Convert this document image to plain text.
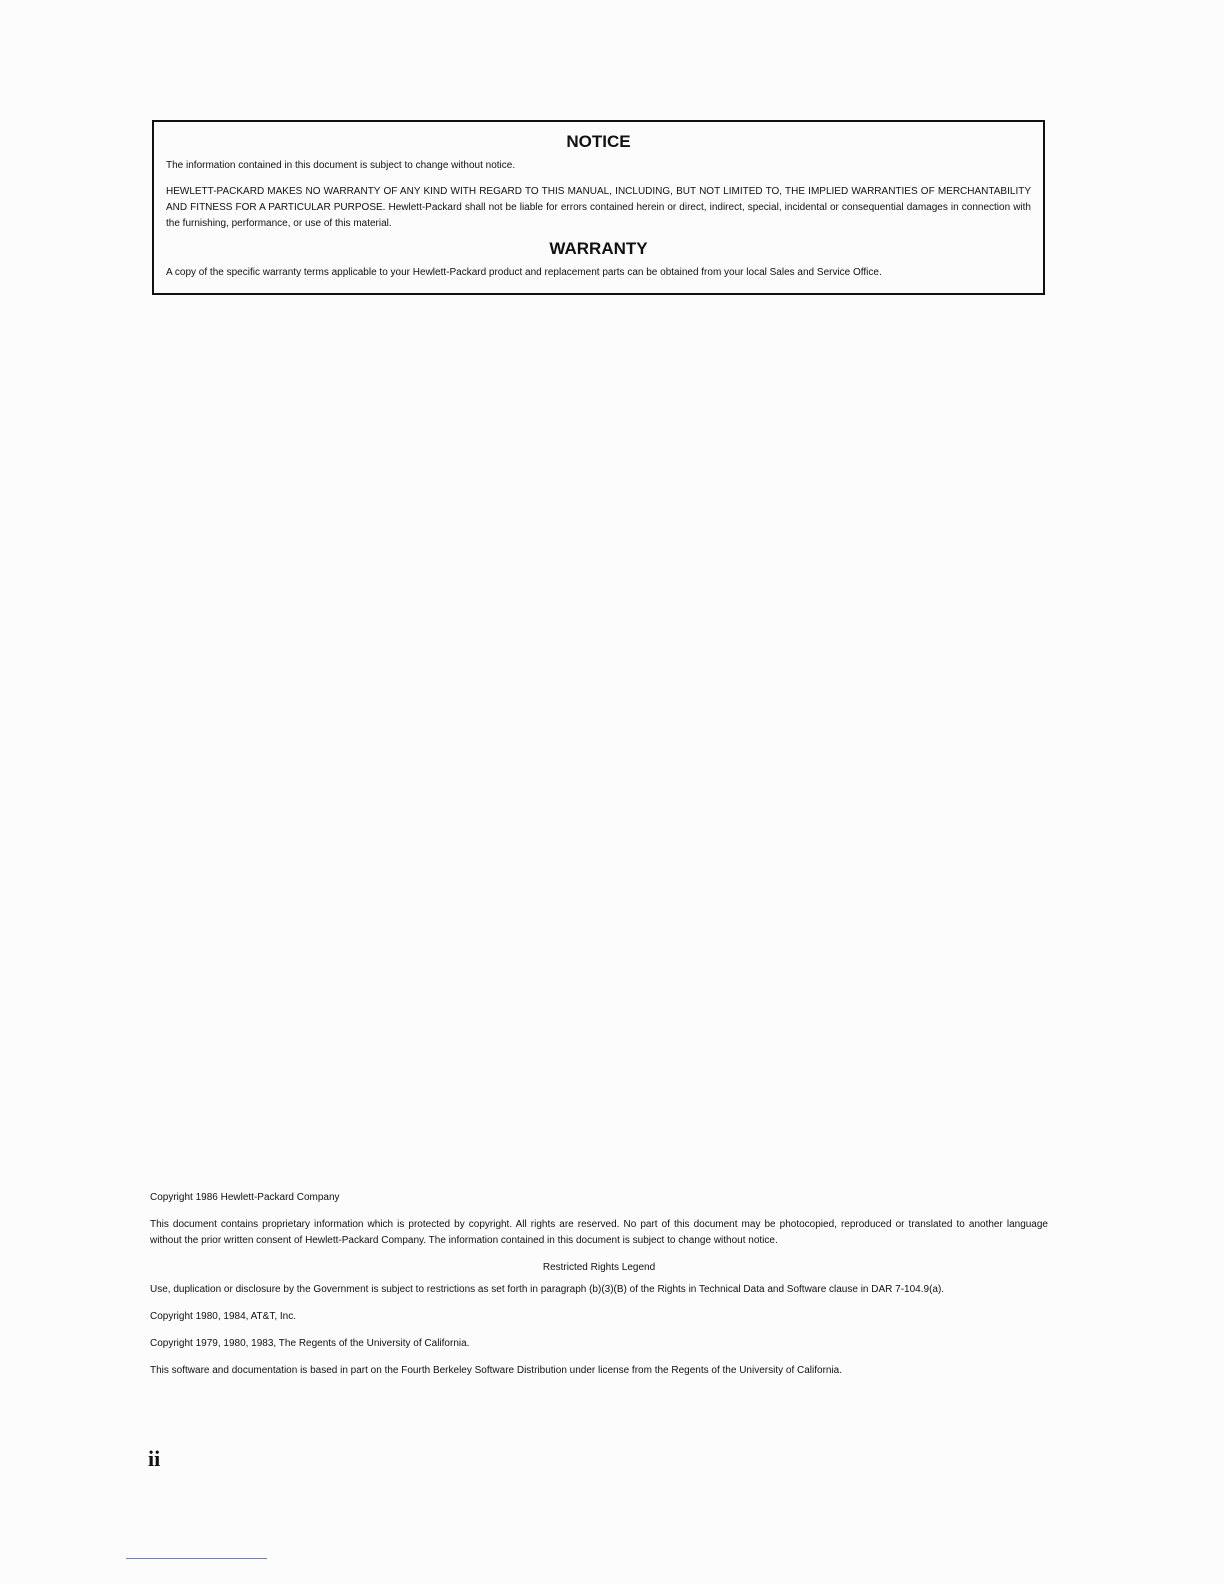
NOTICE

The information contained in this document is subject to change without notice.

HEWLETT-PACKARD MAKES NO WARRANTY OF ANY KIND WITH REGARD TO THIS MANUAL, INCLUDING, BUT NOT LIMITED TO, THE IMPLIED WARRANTIES OF MERCHANTABILITY AND FITNESS FOR A PARTICULAR PURPOSE. Hewlett-Packard shall not be liable for errors contained herein or direct, indirect, special, incidental or consequential damages in connection with the furnishing, performance, or use of this material.

WARRANTY

A copy of the specific warranty terms applicable to your Hewlett-Packard product and replacement parts can be obtained from your local Sales and Service Office.

Copyright 1986 Hewlett-Packard Company

This document contains proprietary information which is protected by copyright. All rights are reserved. No part of this document may be photocopied, reproduced or translated to another language without the prior written consent of Hewlett-Packard Company. The information contained in this document is subject to change without notice.

Restricted Rights Legend

Use, duplication or disclosure by the Government is subject to restrictions as set forth in paragraph (b)(3)(B) of the Rights in Technical Data and Software clause in DAR 7-104.9(a).

Copyright 1980, 1984, AT&T, Inc.

Copyright 1979, 1980, 1983, The Regents of the University of California.

This software and documentation is based in part on the Fourth Berkeley Software Distribution under license from the Regents of the University of California.

ii
